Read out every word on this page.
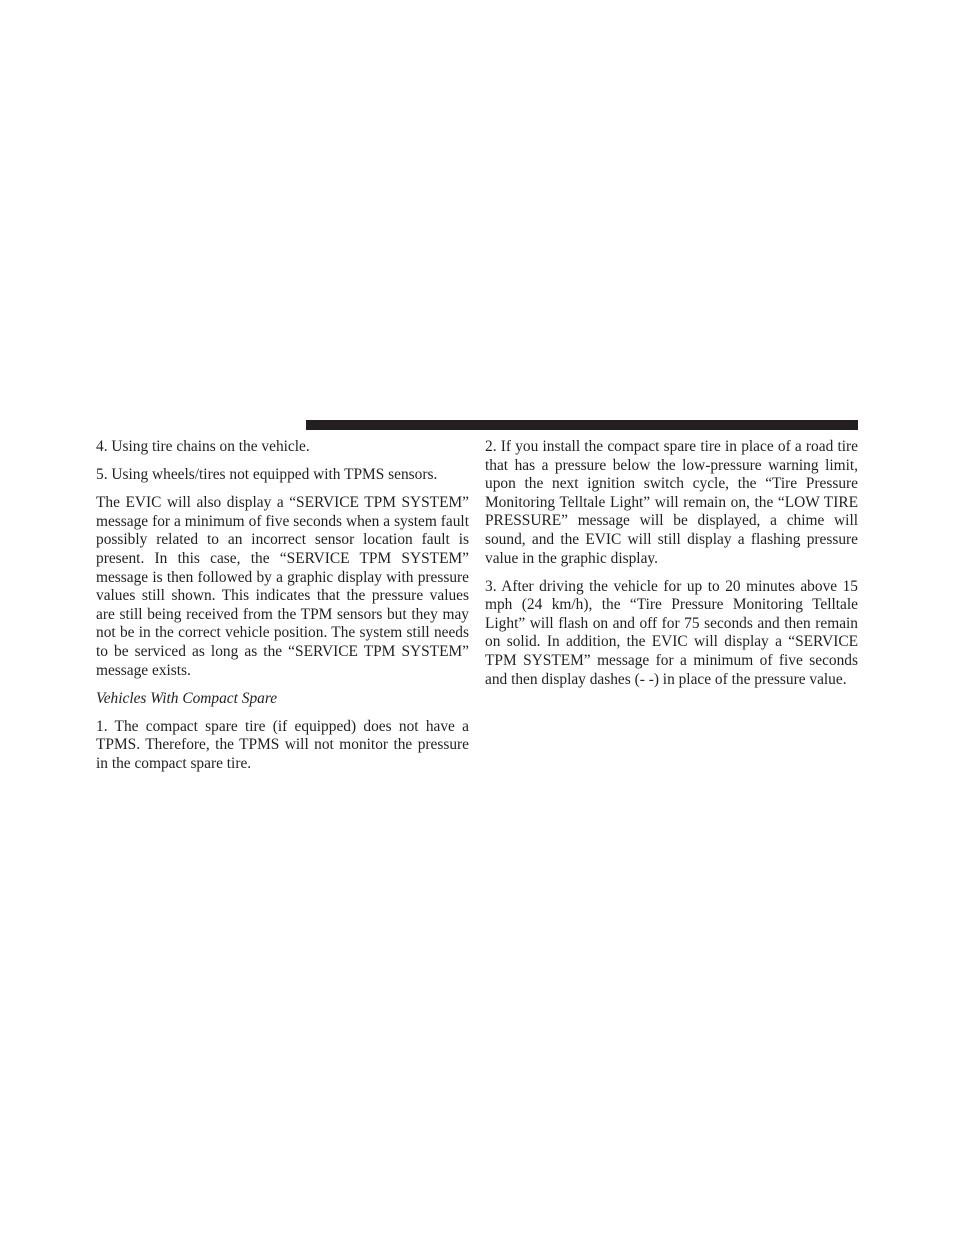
4. Using tire chains on the vehicle.

5. Using wheels/tires not equipped with TPMS sensors.

The EVIC will also display a “SERVICE TPM SYSTEM” message for a minimum of five seconds when a system fault possibly related to an incorrect sensor location fault is present. In this case, the “SERVICE TPM SYSTEM” message is then followed by a graphic display with pressure values still shown. This indicates that the pressure values are still being received from the TPM sensors but they may not be in the correct vehicle position. The system still needs to be serviced as long as the “SERVICE TPM SYSTEM” message exists.

Vehicles With Compact Spare

1. The compact spare tire (if equipped) does not have a TPMS. Therefore, the TPMS will not monitor the pressure in the compact spare tire.

2. If you install the compact spare tire in place of a road tire that has a pressure below the low-pressure warning limit, upon the next ignition switch cycle, the “Tire Pressure Monitoring Telltale Light” will remain on, the “LOW TIRE PRESSURE” message will be displayed, a chime will sound, and the EVIC will still display a flashing pressure value in the graphic display.

3. After driving the vehicle for up to 20 minutes above 15 mph (24 km/h), the “Tire Pressure Monitoring Telltale Light” will flash on and off for 75 seconds and then remain on solid. In addition, the EVIC will display a “SERVICE TPM SYSTEM” message for a minimum of five seconds and then display dashes (- -) in place of the pressure value.
